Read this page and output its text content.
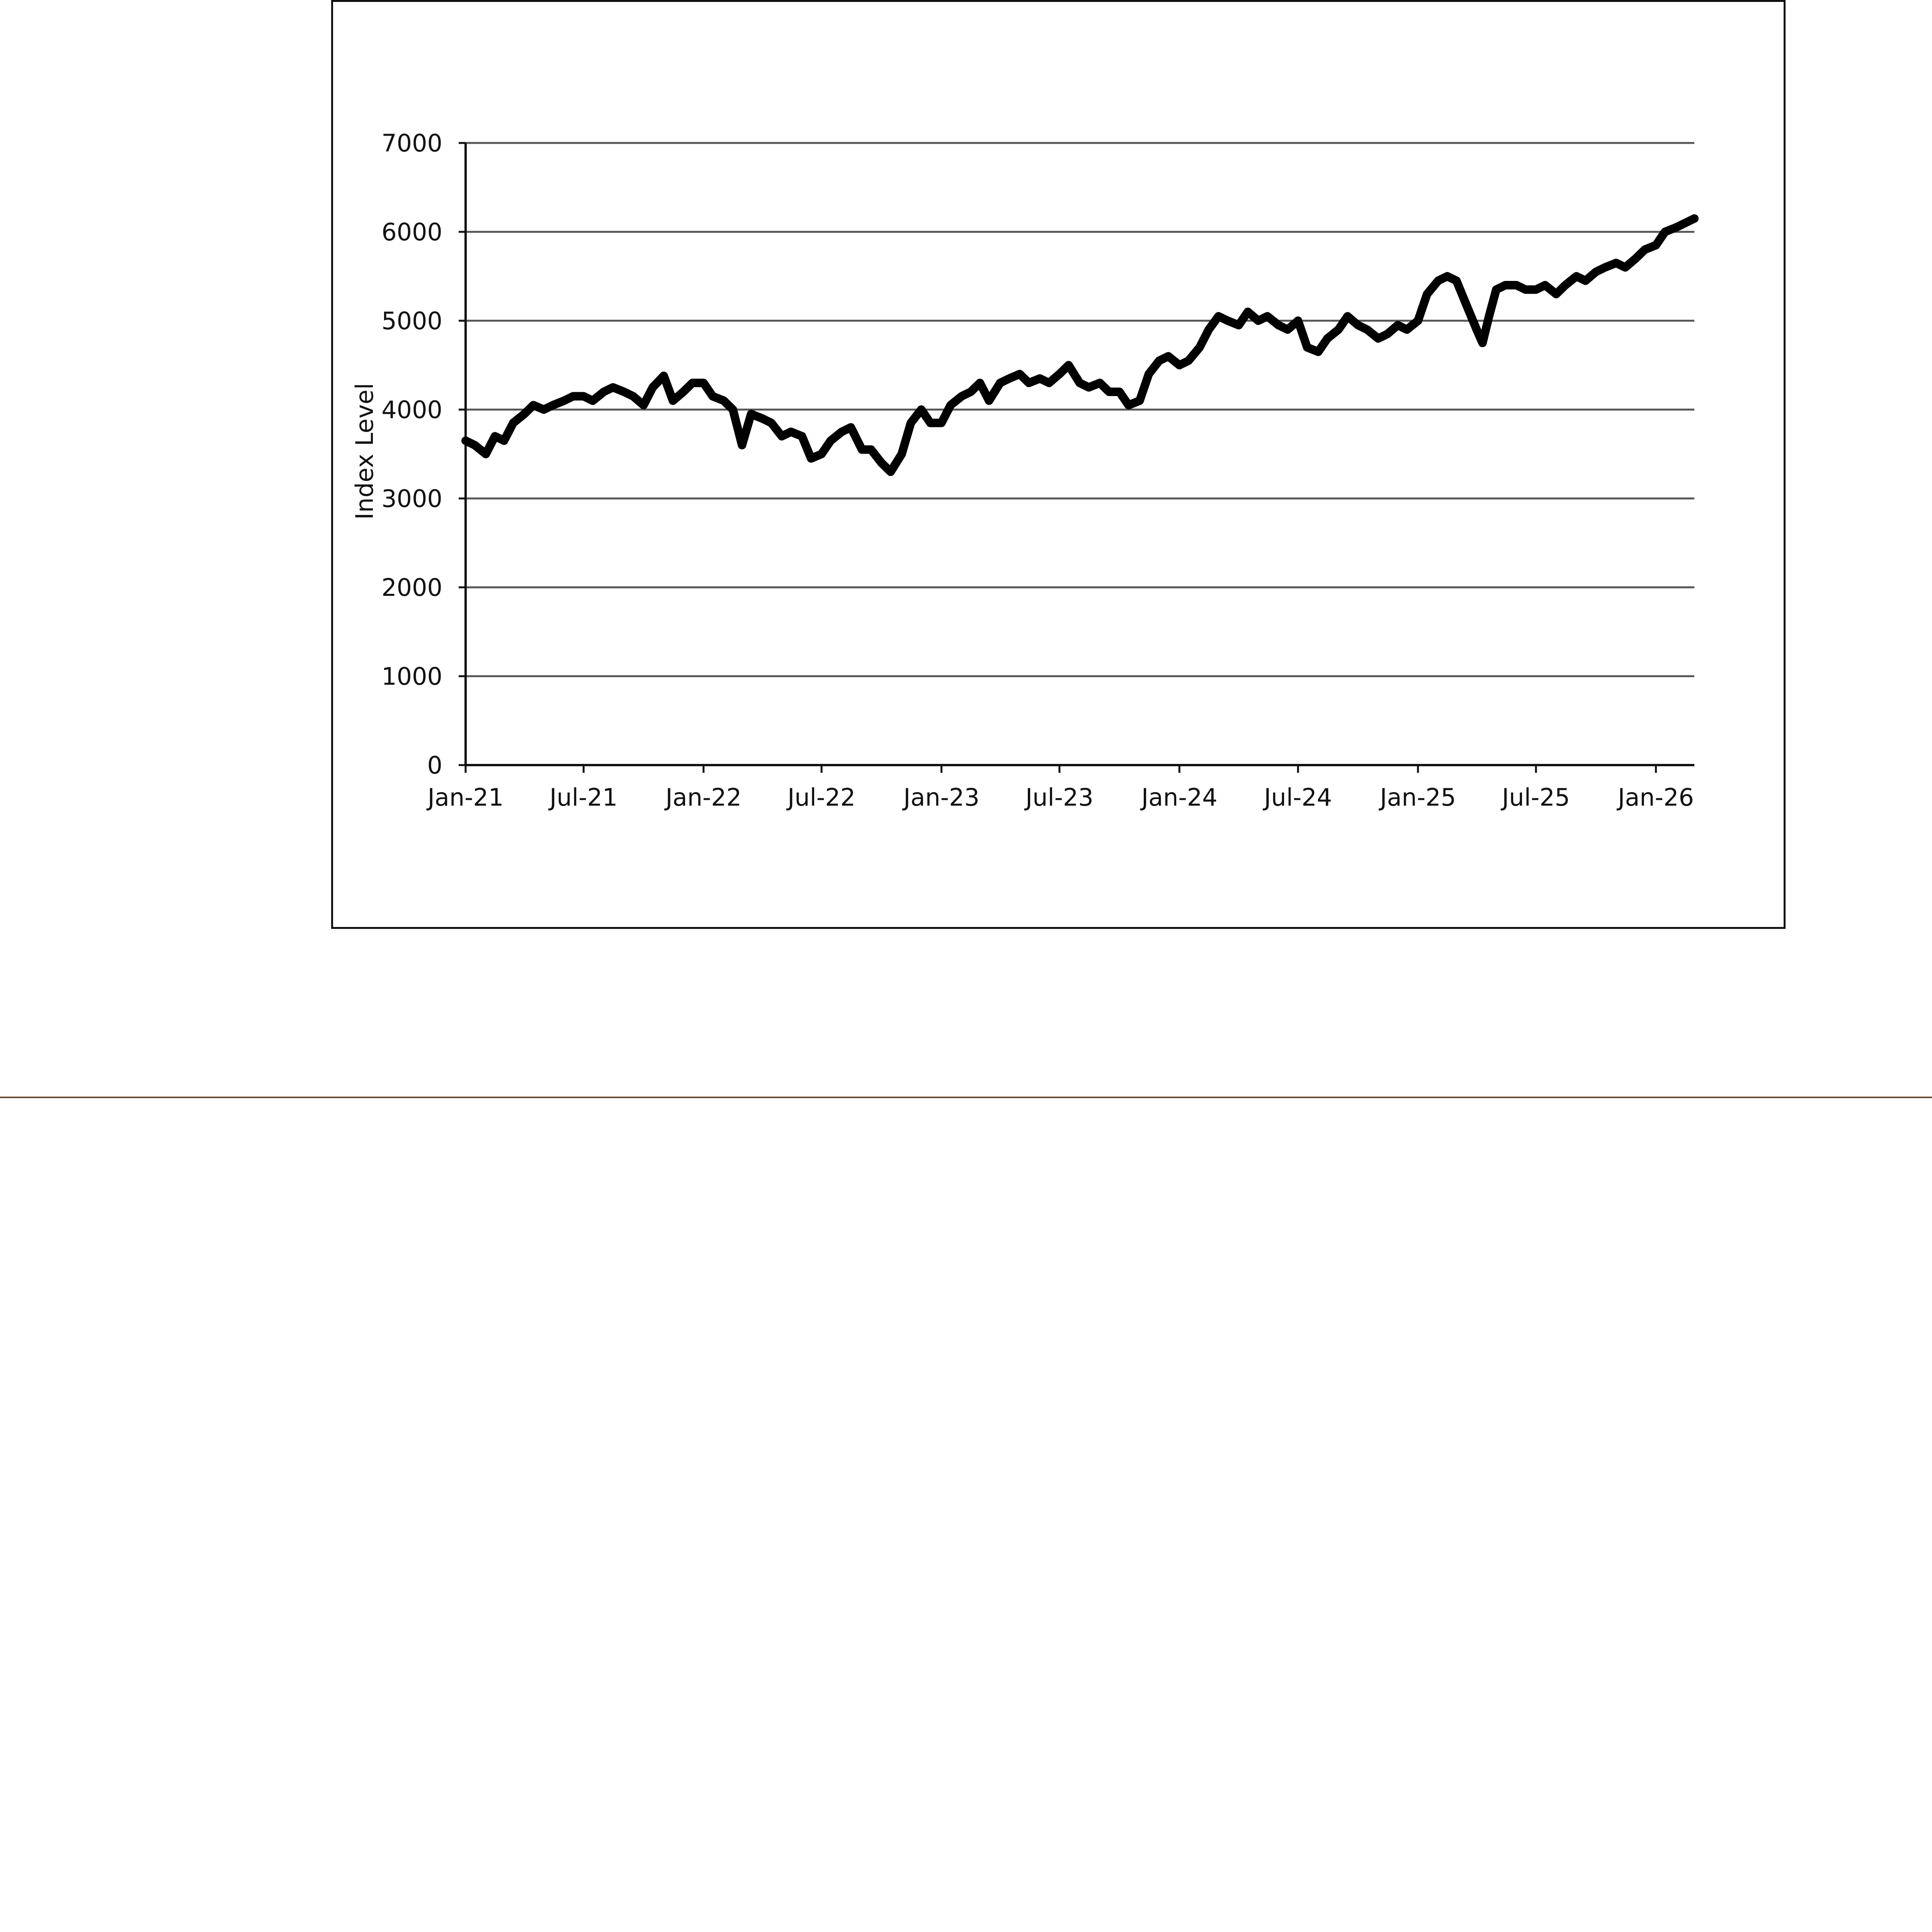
0
1000
2000
3000
4000
5000
6000
7000
Jan-21 Jul-21 Jan-22 Jul-22 Jan-23 Jul-23 Jan-24 Jul-24 Jan-25 Jul-25 Jan-26
Index Level
